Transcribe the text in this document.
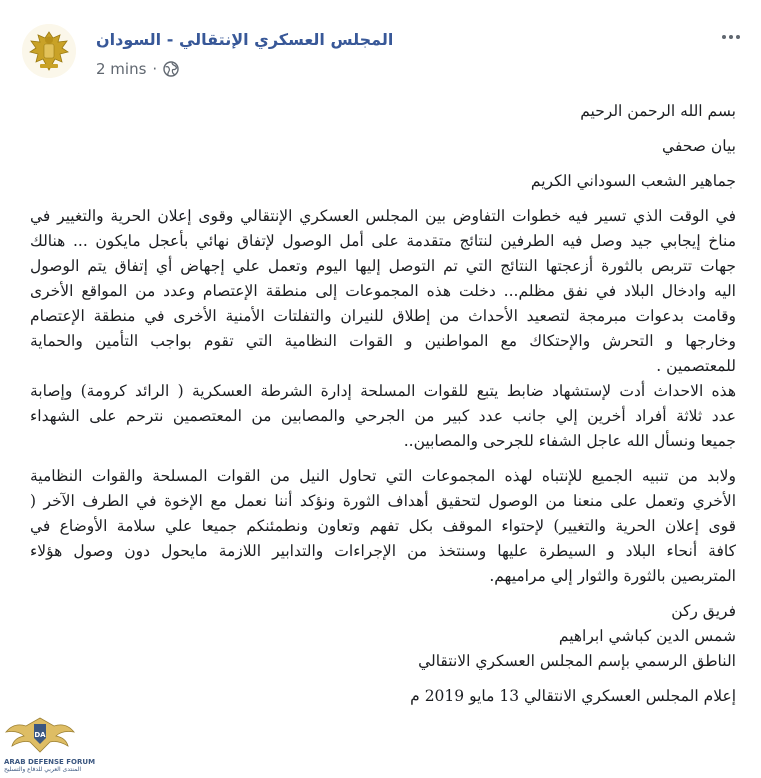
المجلس العسكري الإنتقالي - السودان
2 mins ·
بسم الله الرحمن الرحيم
بيان صحفي
جماهير الشعب السوداني الكريم
في الوقت الذي تسير فيه خطوات التفاوض بين المجلس العسكري الإنتقالي وقوى إعلان الحرية والتغيير في
مناخ إيجابي جيد وصل فيه الطرفين لنتائج متقدمة على أمل الوصول لإتفاق نهائي بأعجل مايكون ... هنالك
جهات تتربص بالثورة أزعجتها النتائج التي تم التوصل إليها اليوم وتعمل علي إجهاض أي إتفاق يتم الوصول
اليه وادخال البلاد في نفق مظلم... دخلت هذه المجموعات إلى منطقة الإعتصام وعدد من المواقع الأخرى
وقامت بدعوات مبرمجة لتصعيد الأحداث من إطلاق للنيران والتفلتات الأمنية الأخرى في منطقة الإعتصام
وخارجها و التحرش والإحتكاك مع المواطنين و القوات النظامية التي تقوم بواجب التأمين والحماية
للمعتصمين .
هذه الاحداث أدت لإستشهاد ضابط يتبع للقوات المسلحة إدارة الشرطة العسكرية ( الرائد كرومة) وإصابة
عدد ثلاثة أفراد أخرين إلي جانب عدد كبير من الجرحي والمصابين من المعتصمين نترحم على الشهداء
جميعا ونسأل الله عاجل الشفاء للجرحى والمصابين..
ولابد من تنبيه الجميع للإنتباه لهذه المجموعات التي تحاول النيل من القوات المسلحة والقوات النظامية
الأخري وتعمل على منعنا من الوصول لتحقيق أهداف الثورة ونؤكد أننا نعمل مع الإخوة في الطرف الآخر (
قوى إعلان الحرية والتغيير) لإحتواء الموقف بكل تفهم وتعاون ونطمئنكم جميعا علي سلامة الأوضاع في
كافة أنحاء البلاد و السيطرة عليها وسنتخذ من الإجراءات والتدابير اللازمة مايحول دون وصول هؤلاء
المتربصين بالثورة والثوار إلي مراميهم.
فريق ركن
شمس الدين كباشي ابراهيم
الناطق الرسمي بإسم المجلس العسكري الانتقالي
إعلام المجلس العسكري الانتقالي 13 مايو 2019 م
DA
ARAB DEFENSE FORUM
المنتدى العربي للدفاع والتسليح
